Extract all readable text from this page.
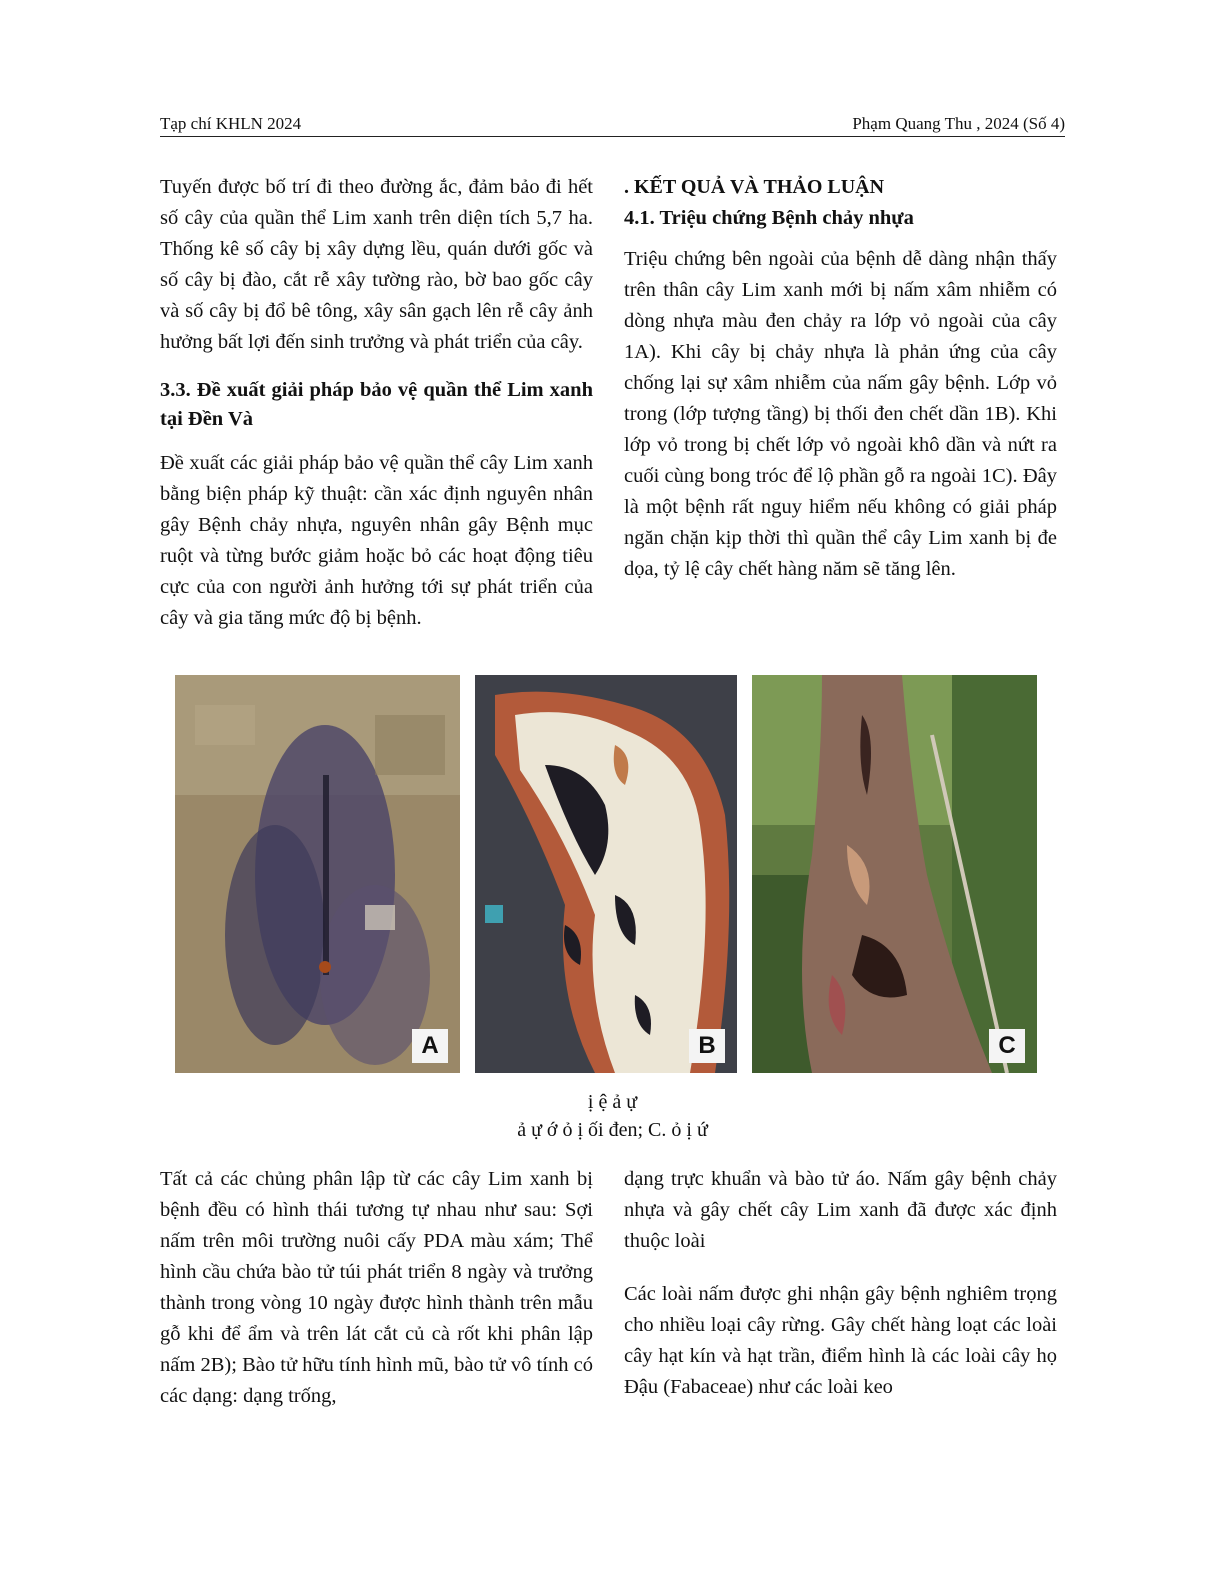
Tạp chí KHLN 2024	Phạm Quang Thu , 2024 (Số 4)

Tuyến được bố trí đi theo đường ắc, đảm bảo đi hết số cây của quần thể Lim xanh trên diện tích 5,7 ha. Thống kê số cây bị xây dựng lều, quán dưới gốc và số cây bị đào, cắt rễ xây tường rào, bờ bao gốc cây và số cây bị đổ bê tông, xây sân gạch lên rễ cây ảnh hưởng bất lợi đến sinh trưởng và phát triển của cây.

3.3. Đề xuất giải pháp bảo vệ quần thể Lim xanh tại Đền Và

Đề xuất các giải pháp bảo vệ quần thể cây Lim xanh bằng biện pháp kỹ thuật: cần xác định nguyên nhân gây Bệnh chảy nhựa, nguyên nhân gây Bệnh mục ruột và từng bước giảm hoặc bỏ các hoạt động tiêu cực của con người ảnh hưởng tới sự phát triển của cây và gia tăng mức độ bị bệnh.

. KẾT QUẢ VÀ THẢO LUẬN

4.1. Triệu chứng Bệnh chảy nhựa

Triệu chứng bên ngoài của bệnh dễ dàng nhận thấy trên thân cây Lim xanh mới bị nấm xâm nhiễm có dòng nhựa màu đen chảy ra lớp vỏ ngoài của cây 1A). Khi cây bị chảy nhựa là phản ứng của cây chống lại sự xâm nhiễm của nấm gây bệnh. Lớp vỏ trong (lớp tượng tầng) bị thối đen chết dần 1B). Khi lớp vỏ trong bị chết lớp vỏ ngoài khô dần và nứt ra cuối cùng bong tróc để lộ phần gỗ ra ngoài 1C). Đây là một bệnh rất nguy hiểm nếu không có giải pháp ngăn chặn kịp thời thì quần thể cây Lim xanh bị đe dọa, tỷ lệ cây chết hàng năm sẽ tăng lên.

A	B	C
ị ệ ả ự
ả ự ớ ỏ ị ối đen; C. ỏ ị ứ

Tất cả các chủng phân lập từ các cây Lim xanh bị bệnh đều có hình thái tương tự nhau như sau: Sợi nấm trên môi trường nuôi cấy PDA màu xám; Thể hình cầu chứa bào tử túi phát triển 8 ngày và trưởng thành trong vòng 10 ngày được hình thành trên mẫu gỗ khi để ẩm và trên lát cắt củ cà rốt khi phân lập nấm 2B); Bào tử hữu tính hình mũ, bào tử vô tính có các dạng: dạng trống,

dạng trực khuẩn và bào tử áo. Nấm gây bệnh chảy nhựa và gây chết cây Lim xanh đã được xác định thuộc loài

Các loài nấm được ghi nhận gây bệnh nghiêm trọng cho nhiều loại cây rừng. Gây chết hàng loạt các loài cây hạt kín và hạt trần, điểm hình là các loài cây họ Đậu (Fabaceae) như các loài keo
